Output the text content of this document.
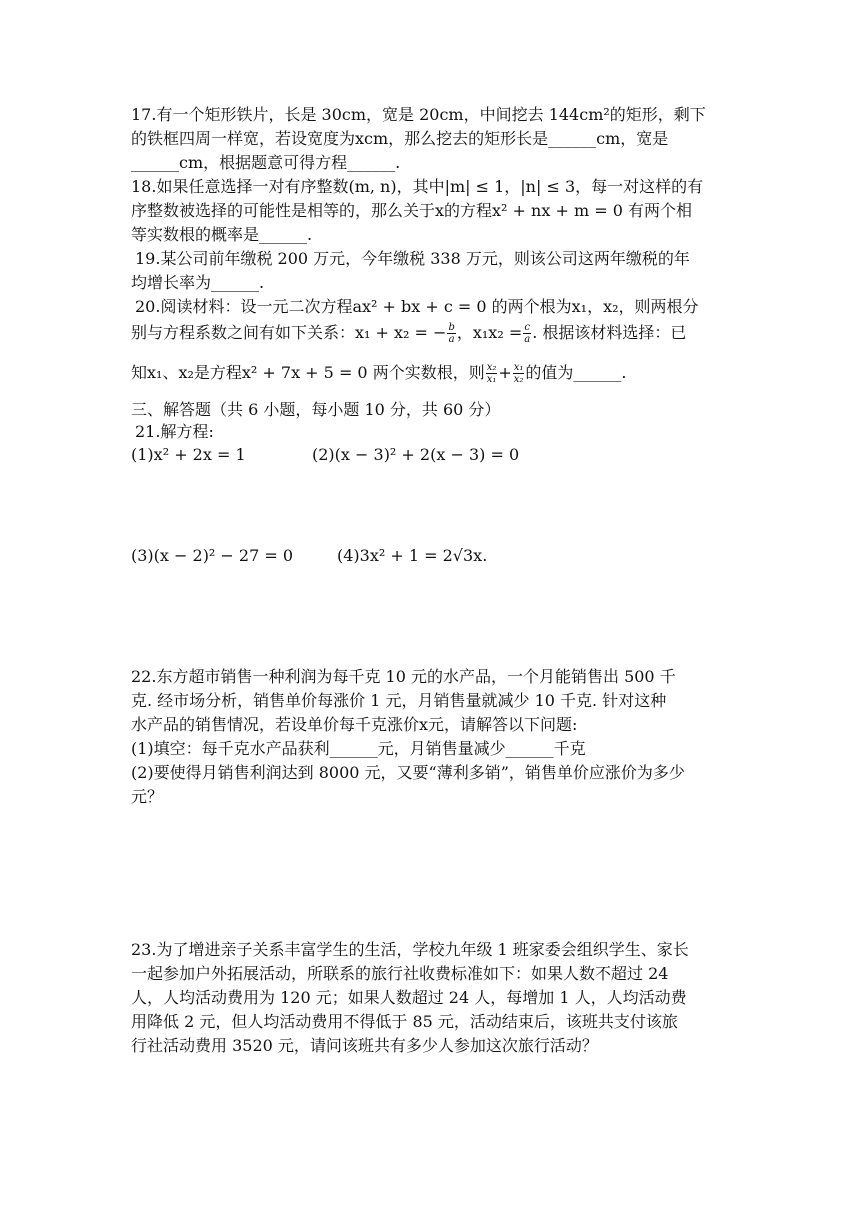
17.有一个矩形铁片，长是 30cm，宽是 20cm，中间挖去 144cm²的矩形，剩下
的铁框四周一样宽，若设宽度为xcm，那么挖去的矩形长是______cm，宽是
______cm，根据题意可得方程______.
18.如果任意选择一对有序整数(m, n)，其中|m| ≤ 1，|n| ≤ 3，每一对这样的有
序整数被选择的可能性是相等的，那么关于x的方程x² + nx + m = 0 有两个相
等实数根的概率是______.
19.某公司前年缴税 200 万元，今年缴税 338 万元，则该公司这两年缴税的年
均增长率为______.
20.阅读材料：设一元二次方程ax² + bx + c = 0 的两个根为x₁，x₂，则两根分
别与方程系数之间有如下关系：x₁ + x₂ = − $\frac{b}{a}$ ，$x_1x_2 = \frac{c}{a}$ . 根据该材料选择：已
知x₁、x₂是方程x² + 7x + 5 = 0 两个实数根，则 $\frac{\text{x₂}}{\text{x₁}} + \frac{\text{x₁}}{\text{x₂}}$ 的值为______.
三、解答题（共 6 小题，每小题 10 分，共 60 分）
21.解方程:
(1)x² + 2x = 1	(2)(x − 3)² + 2(x − 3) = 0
(3)(x − 2)² − 27 = 0	(4)3x² + 1 = 2√3x.
22.东方超市销售一种利润为每千克 10 元的水产品，一个月能销售出 500 千
克. 经市场分析，销售单价每涨价 1 元，月销售量就减少 10 千克. 针对这种
水产品的销售情况，若设单价每千克涨价x元，请解答以下问题:
(1)填空：每千克水产品获利______元，月销售量减少______千克
(2)要使得月销售利润达到 8000 元，又要“薄利多销”，销售单价应涨价为多少
元？
23.为了增进亲子关系丰富学生的生活，学校九年级 1 班家委会组织学生、家长
一起参加户外拓展活动，所联系的旅行社收费标准如下：如果人数不超过 24
人，人均活动费用为 120 元；如果人数超过 24 人，每增加 1 人，人均活动费
用降低 2 元，但人均活动费用不得低于 85 元，活动结束后，该班共支付该旅
行社活动费用 3520 元，请问该班共有多少人参加这次旅行活动？
